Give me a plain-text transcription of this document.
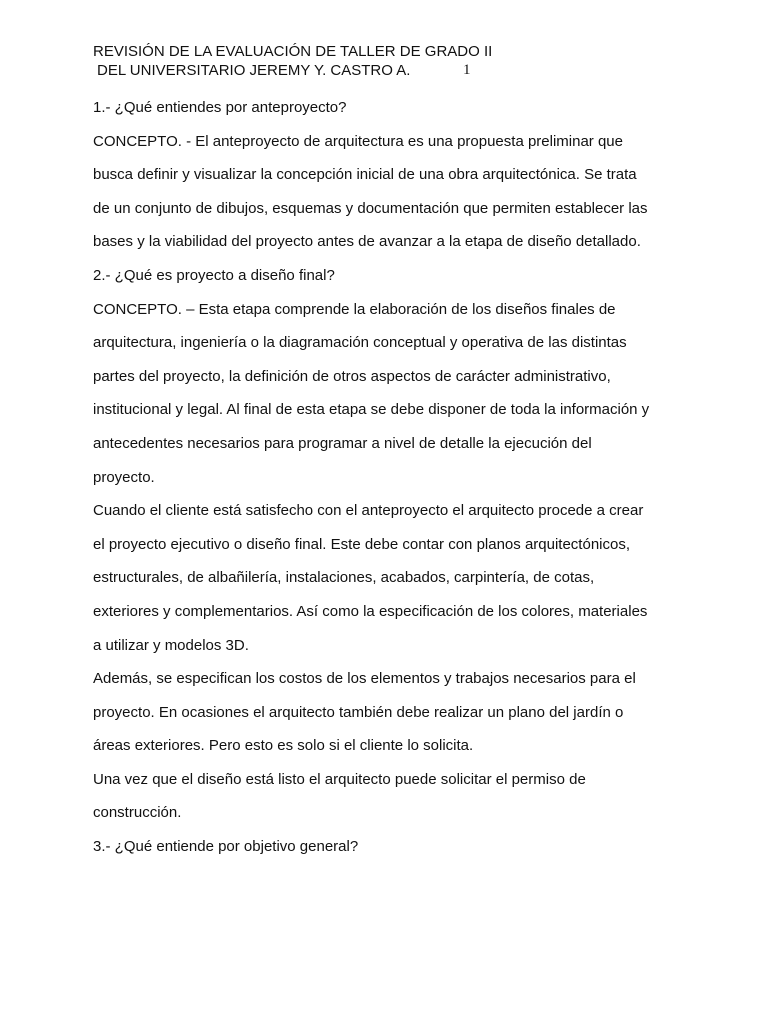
REVISIÓN DE LA EVALUACIÓN DE TALLER DE GRADO II
DEL UNIVERSITARIO JEREMY Y. CASTRO A.	1

1.- ¿Qué entiendes por anteproyecto?

CONCEPTO. - El anteproyecto de arquitectura es una propuesta preliminar que

busca definir y visualizar la concepción inicial de una obra arquitectónica. Se trata

de un conjunto de dibujos, esquemas y documentación que permiten establecer las

bases y la viabilidad del proyecto antes de avanzar a la etapa de diseño detallado.

2.- ¿Qué es proyecto a diseño final?

CONCEPTO. – Esta etapa comprende la elaboración de los diseños finales de

arquitectura, ingeniería o la diagramación conceptual y operativa de las distintas

partes del proyecto, la definición de otros aspectos de carácter administrativo,

institucional y legal. Al final de esta etapa se debe disponer de toda la información y

antecedentes necesarios para programar a nivel de detalle la ejecución del

proyecto.

Cuando el cliente está satisfecho con el anteproyecto el arquitecto procede a crear

el proyecto ejecutivo o diseño final. Este debe contar con planos arquitectónicos,

estructurales, de albañilería, instalaciones, acabados, carpintería, de cotas,

exteriores y complementarios. Así como la especificación de los colores, materiales

a utilizar y modelos 3D.

Además, se especifican los costos de los elementos y trabajos necesarios para el

proyecto. En ocasiones el arquitecto también debe realizar un plano del jardín o

áreas exteriores. Pero esto es solo si el cliente lo solicita.

Una vez que el diseño está listo el arquitecto puede solicitar el permiso de

construcción.

3.- ¿Qué entiende por objetivo general?
